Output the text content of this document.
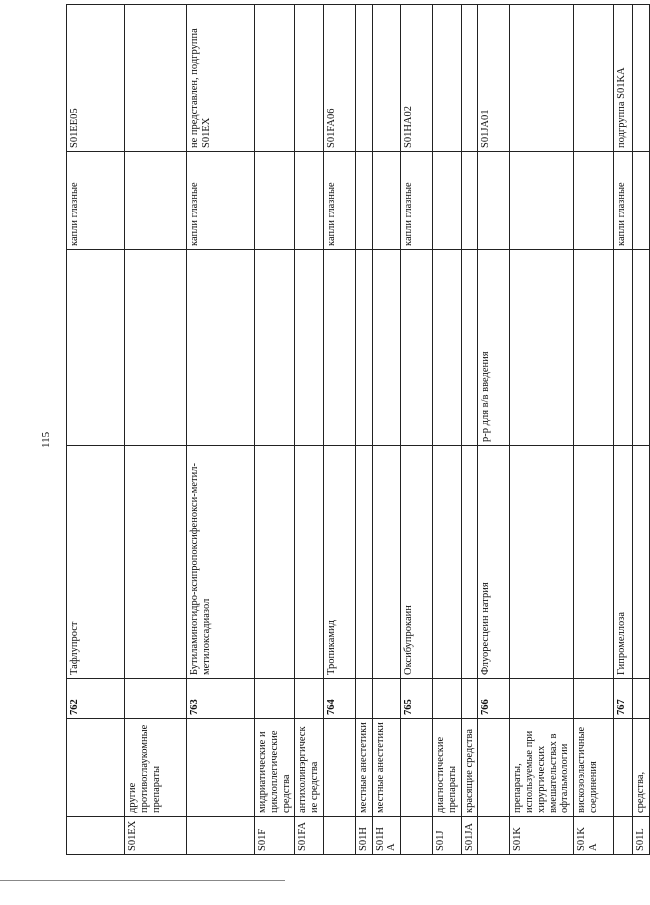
115
		762	Тафлупрост		капли глазные	S01EE05
S01EX	другие противоглаукомные препараты					
		763	Бутиламиногидро-ксипропоксифенокси-метил-метилоксадиазол		капли глазные	не представлен, подгруппа S01EX
S01F	мидриатические и циклоплегические средства					
S01FA	антихолинэргические средства					
		764	Тропикамид		капли глазные	S01FA06
S01H	местные анестетики					
S01HA	местные анестетики					
		765	Оксибупрокаин		капли глазные	S01HA02
S01J	диагностические препараты					
S01JA	красящие средства					
		766	Флуоресцеин натрия	р-р для в/в введения		S01JA01
S01K	препараты, используемые при хирургических вмешательствах в офтальмологии					
S01KA	вискозоэластичные соединения					
		767	Гипромеллоза		капли глазные	подгруппа S01KA
S01L	средства,					
